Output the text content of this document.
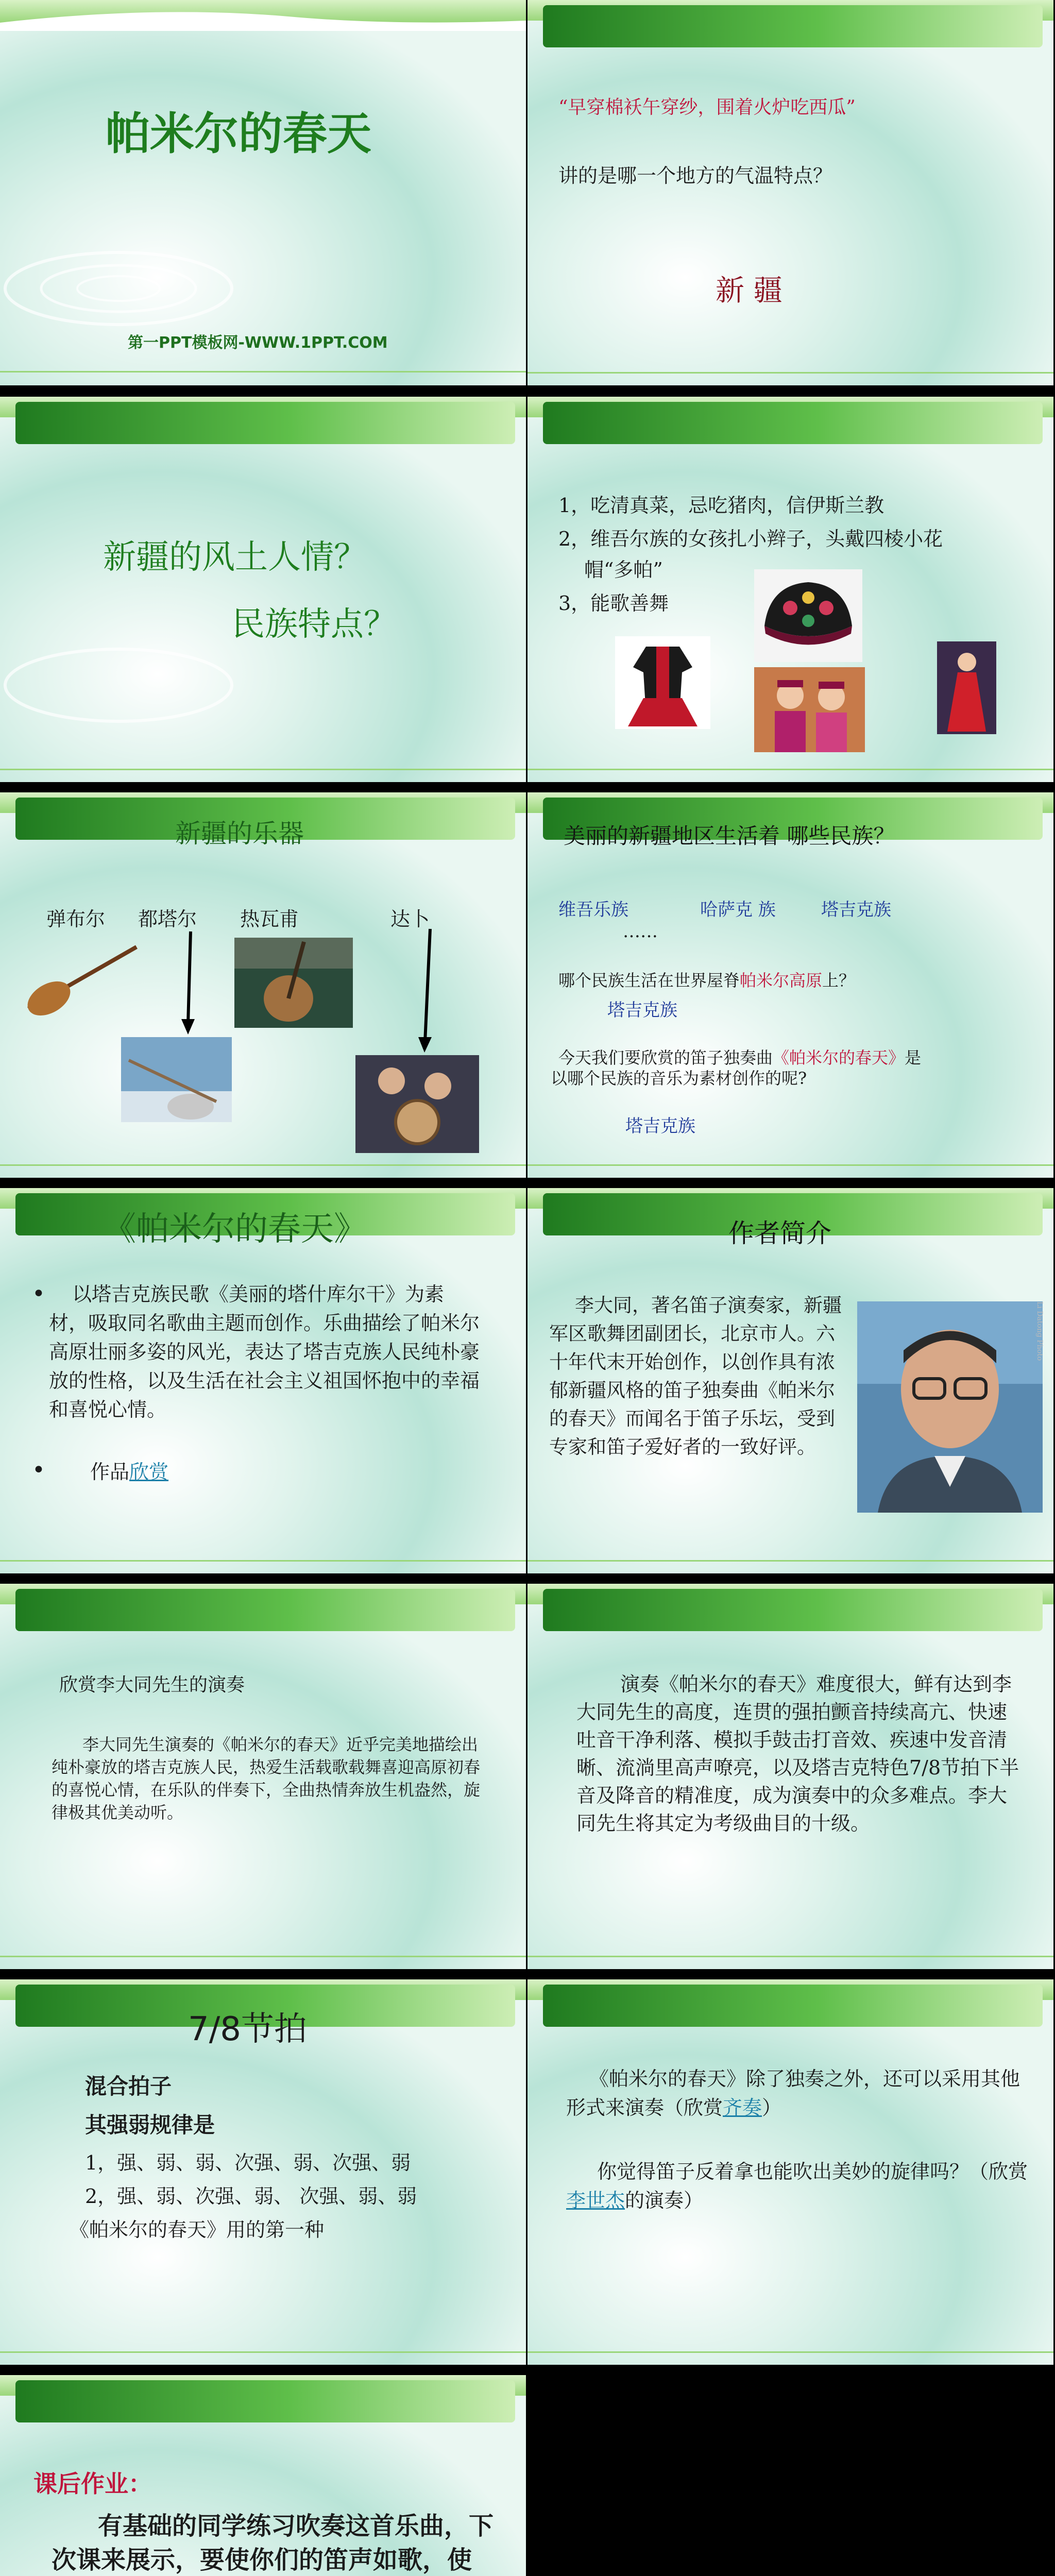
帕米尔的春天
第一PPT模板网-WWW.1PPT.COM
“早穿棉袄午穿纱，围着火炉吃西瓜”
讲的是哪一个地方的气温特点？
新 疆
新疆的风土人情？
民族特点？
1，吃清真菜，忌吃猪肉，信伊斯兰教
2，维吾尔族的女孩扎小辫子，头戴四棱小花
帽“多帕”
3，能歌善舞
新疆的乐器
弹布尔 都塔尔 热瓦甫	达卜
美丽的新疆地区生活着 哪些民族？
维吾乐族	哈萨克 族	塔吉克族
……
哪个民族生活在世界屋脊帕米尔高原上？
塔吉克族
今天我们要欣赏的笛子独奏曲《帕米尔的春天》是
以哪个民族的音乐为素材创作的呢?
塔吉克族
《帕米尔的春天》
•	以塔吉克族民歌《美丽的塔什库尔干》为素材，吸取同名歌曲主题而创作。乐曲描绘了帕米尔高原壮丽多姿的风光，表达了塔吉克族人民纯朴豪放的性格，以及生活在社会主义祖国怀抱中的幸福和喜悦心情。
• 作品欣赏
作者简介
李大同，著名笛子演奏家，新疆军区歌舞团副团长，北京市人。六十年代末开始创作，以创作具有浓郁新疆风格的笛子独奏曲《帕米尔的春天》而闻名于笛子乐坛，受到专家和笛子爱好者的一致好评。
Li Datong Photo
欣赏李大同先生的演奏
李大同先生演奏的《帕米尔的春天》近乎完美地描绘出纯朴豪放的塔吉克族人民，热爱生活载歌载舞喜迎高原初春的喜悦心情，在乐队的伴奏下，全曲热情奔放生机盎然，旋律极其优美动听。
演奏《帕米尔的春天》难度很大，鲜有达到李大同先生的高度，连贯的强拍颤音持续高亢、快速吐音干净利落、模拟手鼓击打音效、疾速中发音清晰、流淌里高声嘹亮，以及塔吉克特色7/8节拍下半音及降音的精准度，成为演奏中的众多难点。李大同先生将其定为考级曲目的十级。
7/8节拍
混合拍子
其强弱规律是
1，强、弱、弱、次强、弱、次强、弱
2，强、弱、次强、弱、 次强、弱、弱
《帕米尔的春天》用的第一种
《帕米尔的春天》除了独奏之外，还可以采用其他形式来演奏（欣赏齐奏）
你觉得笛子反着拿也能吹出美妙的旋律吗？（欣赏李世杰的演奏）
课后作业：
有基础的同学练习吹奏这首乐曲，下次课来展示，要使你们的笛声如歌，使
